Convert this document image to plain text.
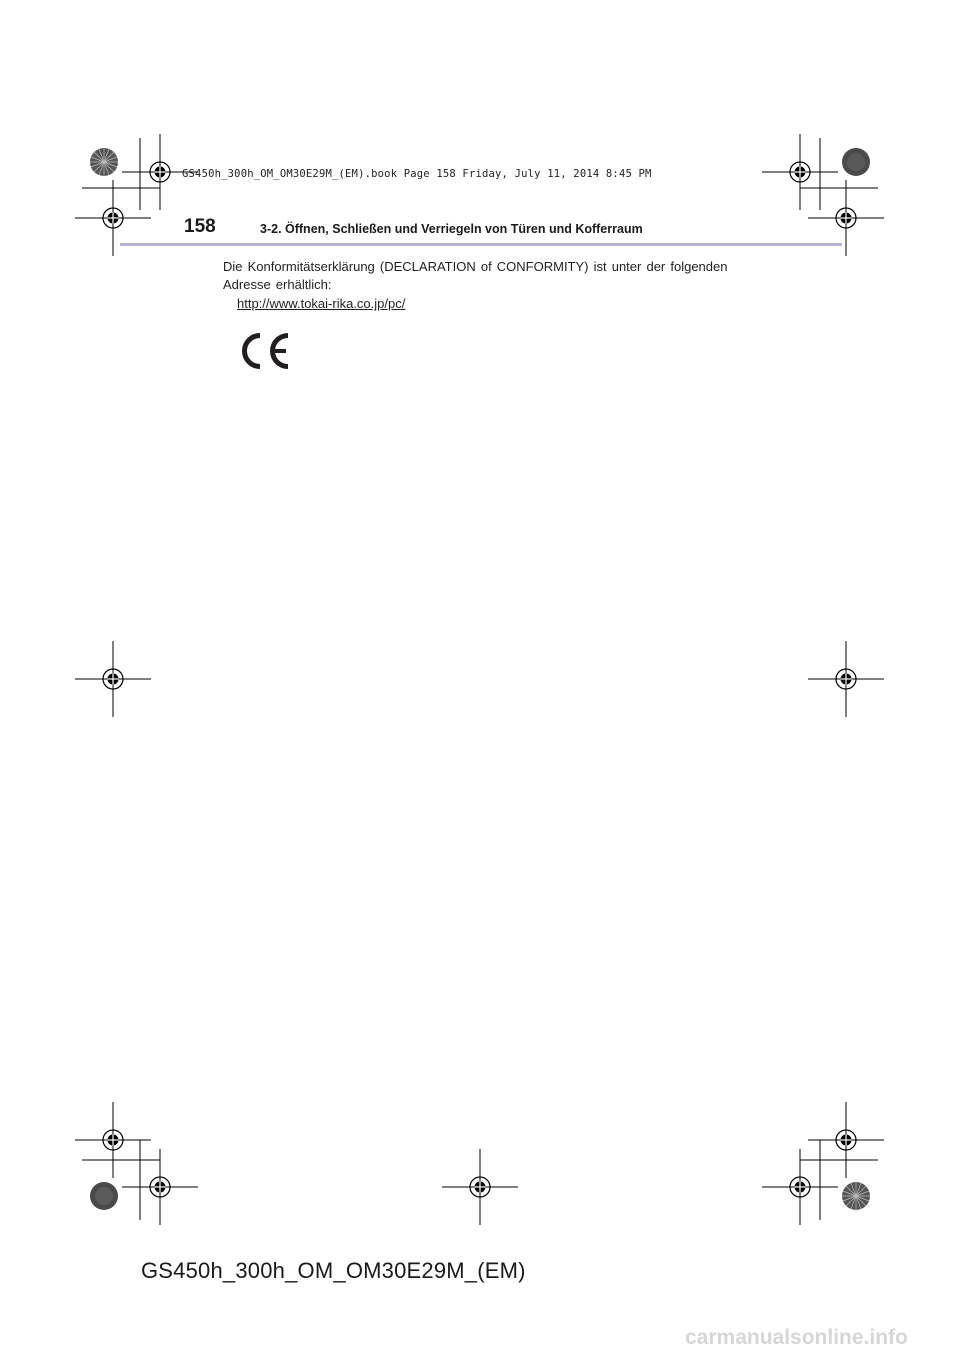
GS450h_300h_OM_OM30E29M_(EM).book Page 158 Friday, July 11, 2014 8:45 PM
158	3-2. Öffnen, Schließen und Verriegeln von Türen und Kofferraum
Die Konformitätserklärung (DECLARATION of CONFORMITY) ist unter der folgenden Adresse erhältlich:
http://www.tokai-rika.co.jp/pc/
GS450h_300h_OM_OM30E29M_(EM)
carmanualsonline.info
